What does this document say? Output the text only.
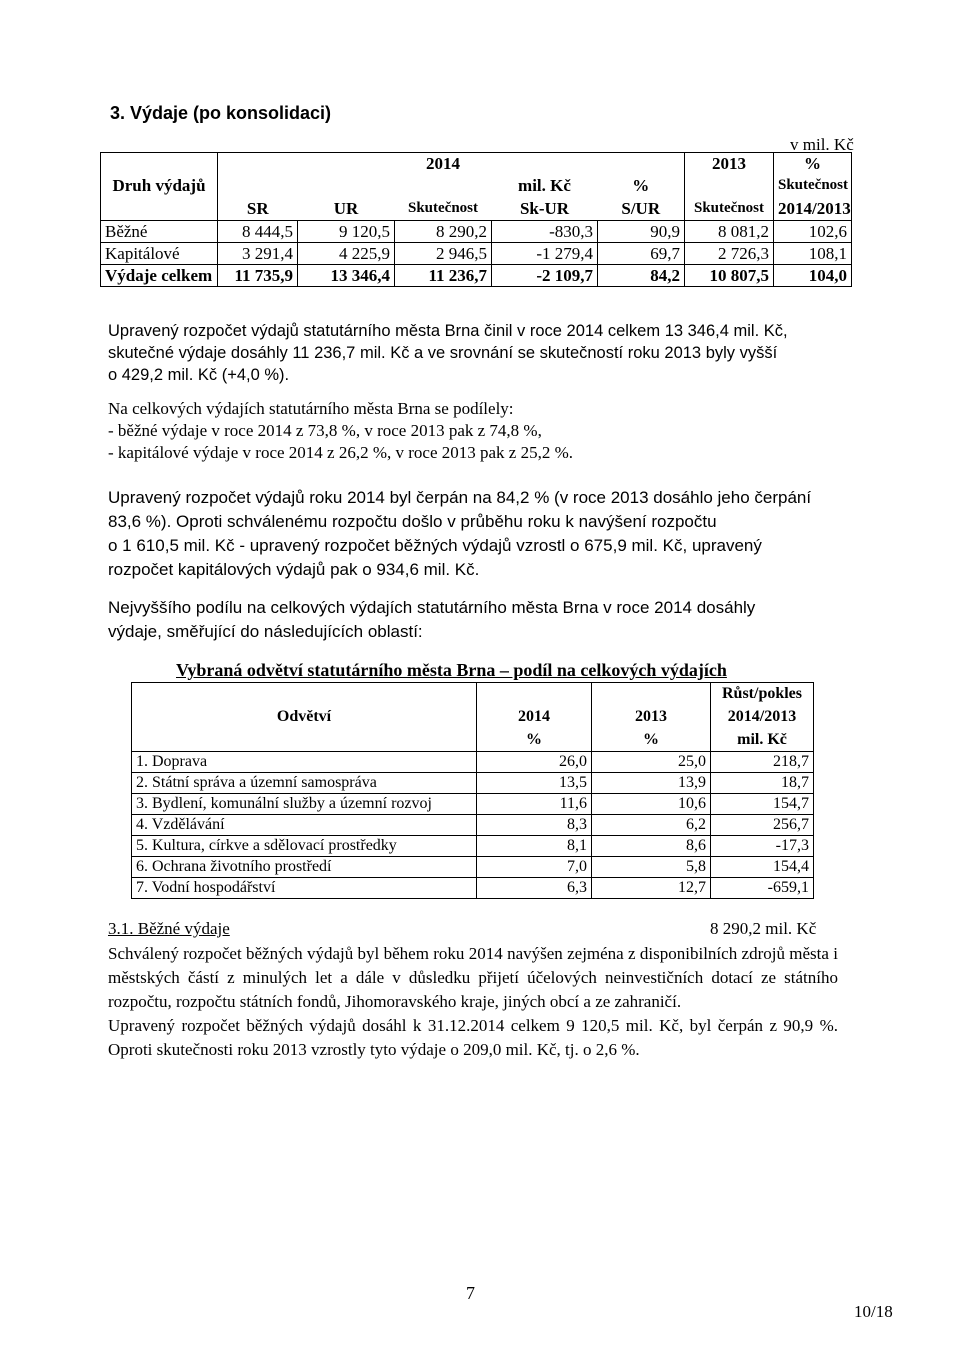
3. Výdaje (po konsolidaci)
v mil. Kč
			2014			2013	%
Druh výdajů				mil. Kč	%		Skutečnost
	SR	UR	Skutečnost	Sk-UR	S/UR	Skutečnost	2014/2013
Běžné	8 444,5	9 120,5	8 290,2	-830,3	90,9	8 081,2	102,6
Kapitálové	3 291,4	4 225,9	2 946,5	-1 279,4	69,7	2 726,3	108,1
Výdaje celkem	11 735,9	13 346,4	11 236,7	-2 109,7	84,2	10 807,5	104,0
Upravený rozpočet výdajů statutárního města Brna činil v roce 2014 celkem 13 346,4 mil. Kč,
skutečné výdaje dosáhly 11 236,7 mil. Kč a ve srovnání se skutečností roku 2013 byly vyšší
o 429,2 mil. Kč (+4,0 %).
Na celkových výdajích statutárního města Brna se podílely:
- běžné výdaje v roce 2014 z 73,8 %, v roce 2013 pak z 74,8 %,
- kapitálové výdaje v roce 2014 z 26,2 %, v roce 2013 pak z 25,2 %.
Upravený rozpočet výdajů roku 2014 byl čerpán na 84,2 % (v roce 2013 dosáhlo jeho čerpání
83,6 %). Oproti schválenému rozpočtu došlo v průběhu roku k navýšení rozpočtu
o 1 610,5 mil. Kč - upravený rozpočet běžných výdajů vzrostl o 675,9 mil. Kč, upravený
rozpočet kapitálových výdajů pak o 934,6 mil. Kč.
Nejvyššího podílu na celkových výdajích statutárního města Brna v roce 2014 dosáhly
výdaje, směřující do následujících oblastí:
Vybraná odvětví statutárního města Brna – podíl na celkových výdajích
			Růst/pokles
Odvětví	2014	2013	2014/2013
	%	%	mil. Kč
1. Doprava	26,0	25,0	218,7
2. Státní správa a územní samospráva	13,5	13,9	18,7
3. Bydlení, komunální služby a územní rozvoj	11,6	10,6	154,7
4. Vzdělávání	8,3	6,2	256,7
5. Kultura, církve a sdělovací prostředky	8,1	8,6	-17,3
6. Ochrana životního prostředí	7,0	5,8	154,4
7. Vodní hospodářství	6,3	12,7	-659,1
3.1. Běžné výdaje	8 290,2 mil. Kč
Schválený rozpočet běžných výdajů byl během roku 2014 navýšen zejména z disponibilních zdrojů města i městských částí z minulých let a dále v důsledku přijetí účelových neinvestičních dotací ze státního rozpočtu, rozpočtu státních fondů, Jihomoravského kraje, jiných obcí a ze zahraničí.
Upravený rozpočet běžných výdajů dosáhl k 31.12.2014 celkem 9 120,5 mil. Kč, byl čerpán z 90,9 %. Oproti skutečnosti roku 2013 vzrostly tyto výdaje o 209,0 mil. Kč, tj. o 2,6 %.
7
10/18
